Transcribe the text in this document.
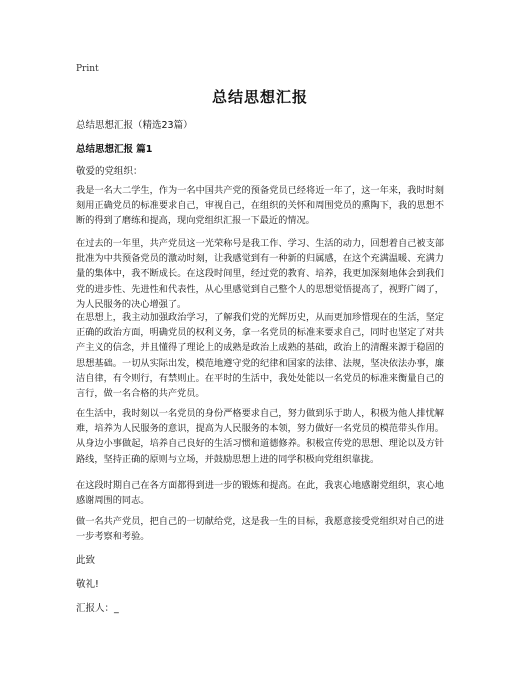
Print
总结思想汇报
总结思想汇报（精选23篇）
总结思想汇报 篇1
敬爱的党组织：

我是一名大二学生，作为一名中国共产党的预备党员已经将近一年了，这一年来，我时时刻刻用正确党员的标准要求自己，审视自己，在组织的关怀和周围党员的熏陶下，我的思想不断的得到了磨练和提高，现向党组织汇报一下最近的情况。

在过去的一年里，共产党员这一光荣称号是我工作、学习、生活的动力，回想着自己被支部批准为中共预备党员的激动时刻，让我感觉到有一种新的归属感，在这个充满温暖、充满力量的集体中，我不断成长。在这段时间里，经过党的教育、培养，我更加深刻地体会到我们党的进步性、先进性和代表性，从心里感觉到自己整个人的思想觉悟提高了，视野广阔了，为人民服务的决心增强了。

在思想上，我主动加强政治学习，了解我们党的光辉历史，从而更加珍惜现在的生活，坚定正确的政治方面，明确党员的权利义务，拿一名党员的标准来要求自己，同时也坚定了对共产主义的信念，并且懂得了理论上的成熟是政治上成熟的基础，政治上的清醒来源于稳固的思想基础。一切从实际出发，模范地遵守党的纪律和国家的法律、法规，坚决依法办事，廉洁自律，有令则行，有禁则止。在平时的生活中，我处处能以一名党员的标准来衡量自己的言行，做一名合格的共产党员。

在生活中，我时刻以一名党员的身份严格要求自己，努力做到乐于助人，积极为他人排忧解难，培养为人民服务的意识，提高为人民服务的本领，努力做好一名党员的模范带头作用。从身边小事做起，培养自己良好的生活习惯和道德修养。积极宣传党的思想、理论以及方针路线，坚持正确的原则与立场，并鼓励思想上进的同学积极向党组织靠拢。

在这段时期自己在各方面都得到进一步的锻炼和提高。在此，我衷心地感谢党组织，衷心地感谢周围的同志。

做一名共产党员，把自己的一切献给党，这是我一生的目标，我愿意接受党组织对自己的进一步考察和考验。

此致
敬礼!
汇报人：_
